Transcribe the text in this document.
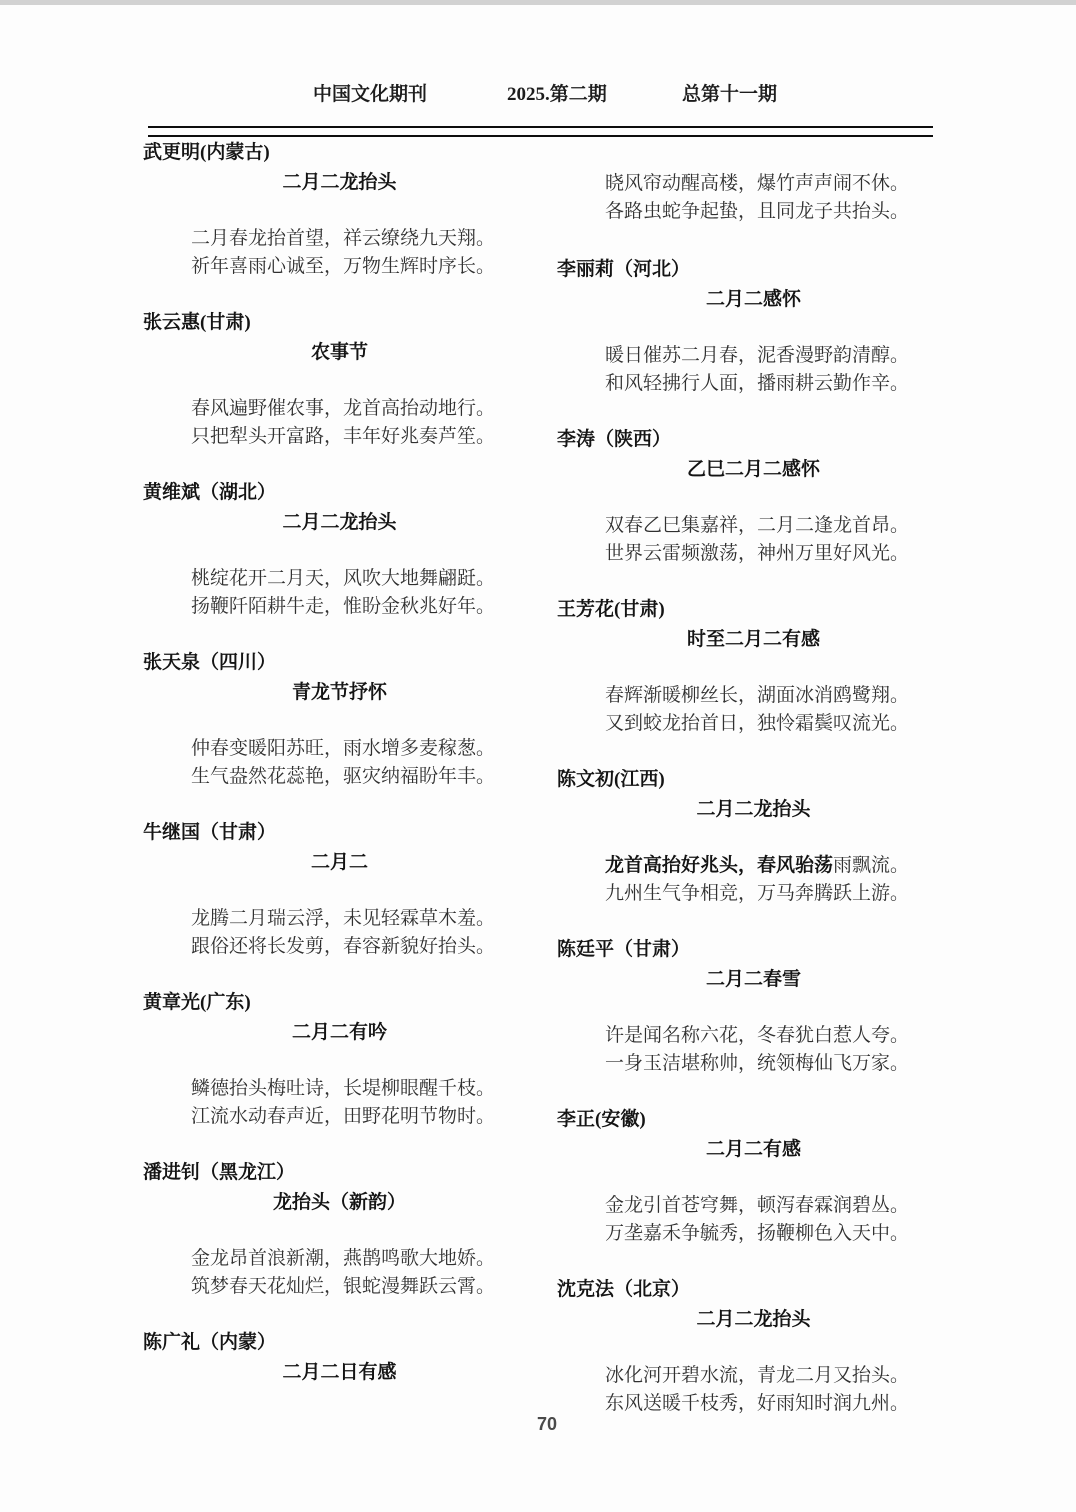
中国文化期刊	2025.第二期	总第十一期
武更明(内蒙古)
二月二龙抬头
二月春龙抬首望，祥云缭绕九天翔。
祈年喜雨心诚至，万物生辉时序长。
张云惠(甘肃)
农事节
春风遍野催农事，龙首高抬动地行。
只把犁头开富路，丰年好兆奏芦笙。
黄维斌（湖北）
二月二龙抬头
桃绽花开二月天，风吹大地舞翩跹。
扬鞭阡陌耕牛走，惟盼金秋兆好年。
张天泉（四川）
青龙节抒怀
仲春变暖阳苏旺，雨水增多麦稼葱。
生气盎然花蕊艳，驱灾纳福盼年丰。
牛继国（甘肃）
二月二
龙腾二月瑞云浮，未见轻霖草木羞。
跟俗还将长发剪，春容新貌好抬头。
黄章光(广东)
二月二有吟
鳞德抬头梅吐诗，长堤柳眼醒千枝。
江流水动春声近，田野花明节物时。
潘进钊（黑龙江）
龙抬头（新韵）
金龙昂首浪新潮，燕鹊鸣歌大地娇。
筑梦春天花灿烂，银蛇漫舞跃云霄。
陈广礼（内蒙）
二月二日有感
晓风帘动醒高楼，爆竹声声闹不休。
各路虫蛇争起蛰，且同龙子共抬头。
李丽莉（河北）
二月二感怀
暖日催苏二月春，泥香漫野韵清醇。
和风轻拂行人面，播雨耕云勤作辛。
李涛（陕西）
乙巳二月二感怀
双春乙巳集嘉祥，二月二逢龙首昂。
世界云雷频激荡，神州万里好风光。
王芳花(甘肃)
时至二月二有感
春辉渐暖柳丝长，湖面冰消鸥鹭翔。
又到蛟龙抬首日，独怜霜鬓叹流光。
陈文初(江西)
二月二龙抬头
龙首高抬好兆头，春风骀荡雨飘流。
九州生气争相竞，万马奔腾跃上游。
陈廷平（甘肃）
二月二春雪
许是闻名称六花，冬春犹白惹人夸。
一身玉洁堪称帅，统领梅仙飞万家。
李正(安徽)
二月二有感
金龙引首苍穹舞，顿泻春霖润碧丛。
万垄嘉禾争毓秀，扬鞭柳色入天中。
沈克法（北京）
二月二龙抬头
冰化河开碧水流，青龙二月又抬头。
东风送暖千枝秀，好雨知时润九州。
70
